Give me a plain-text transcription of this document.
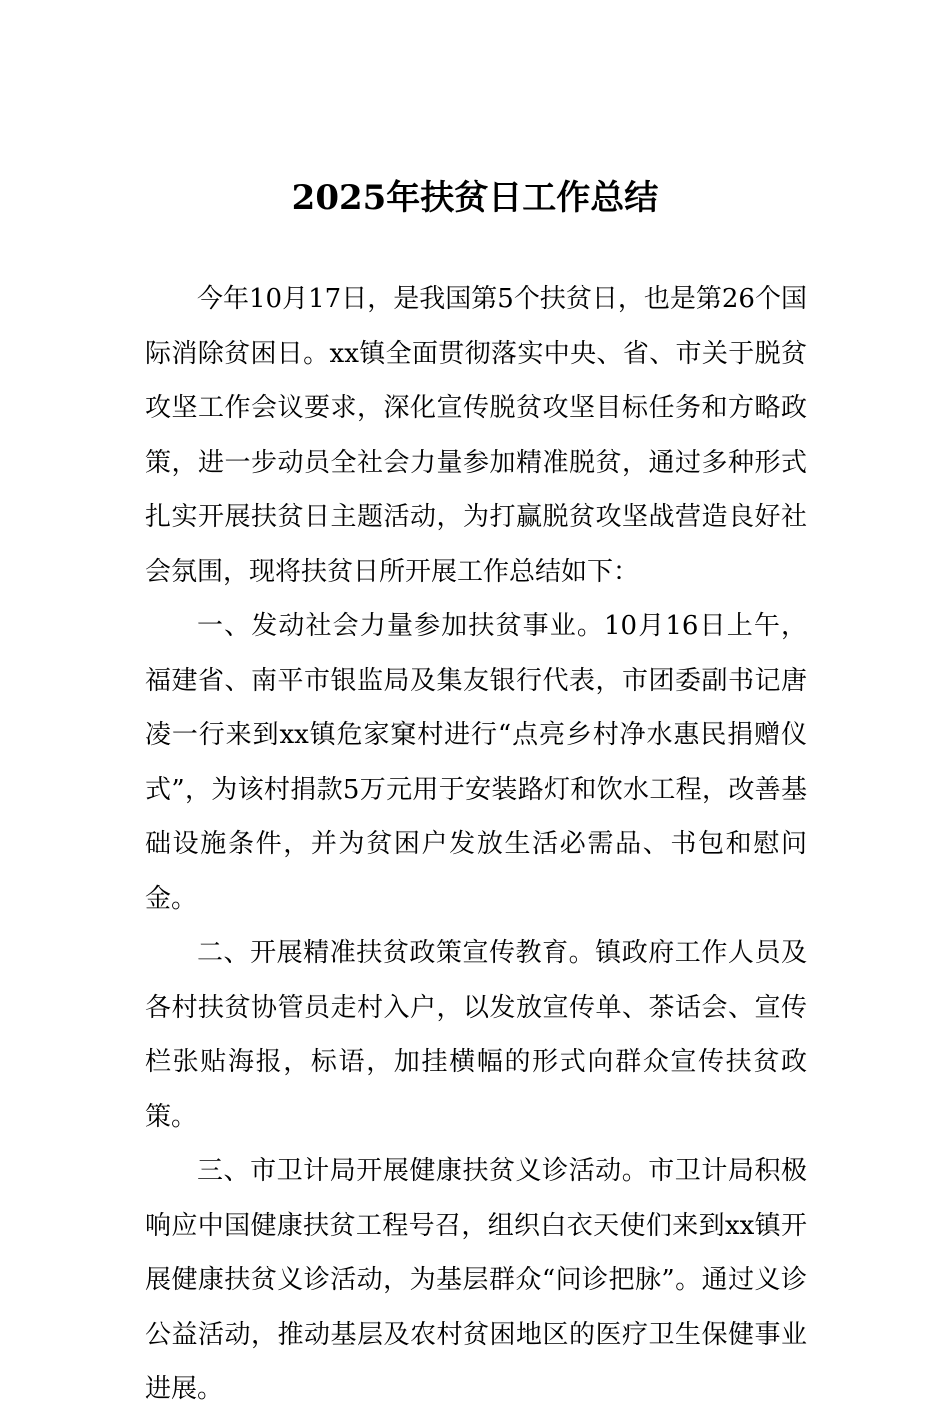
2025年扶贫日工作总结

今年10月17日，是我国第5个扶贫日，也是第26个国际消除贫困日。xx镇全面贯彻落实中央、省、市关于脱贫攻坚工作会议要求，深化宣传脱贫攻坚目标任务和方略政策，进一步动员全社会力量参加精准脱贫，通过多种形式扎实开展扶贫日主题活动，为打赢脱贫攻坚战营造良好社会氛围，现将扶贫日所开展工作总结如下：

一、发动社会力量参加扶贫事业。10月16日上午，福建省、南平市银监局及集友银行代表，市团委副书记唐凌一行来到xx镇危家窠村进行“点亮乡村净水惠民捐赠仪式”，为该村捐款5万元用于安装路灯和饮水工程，改善基础设施条件，并为贫困户发放生活必需品、书包和慰问金。

二、开展精准扶贫政策宣传教育。镇政府工作人员及各村扶贫协管员走村入户，以发放宣传单、茶话会、宣传栏张贴海报，标语，加挂横幅的形式向群众宣传扶贫政策。

三、市卫计局开展健康扶贫义诊活动。市卫计局积极响应中国健康扶贫工程号召，组织白衣天使们来到xx镇开展健康扶贫义诊活动，为基层群众“问诊把脉”。通过义诊公益活动，推动基层及农村贫困地区的医疗卫生保健事业进展。
